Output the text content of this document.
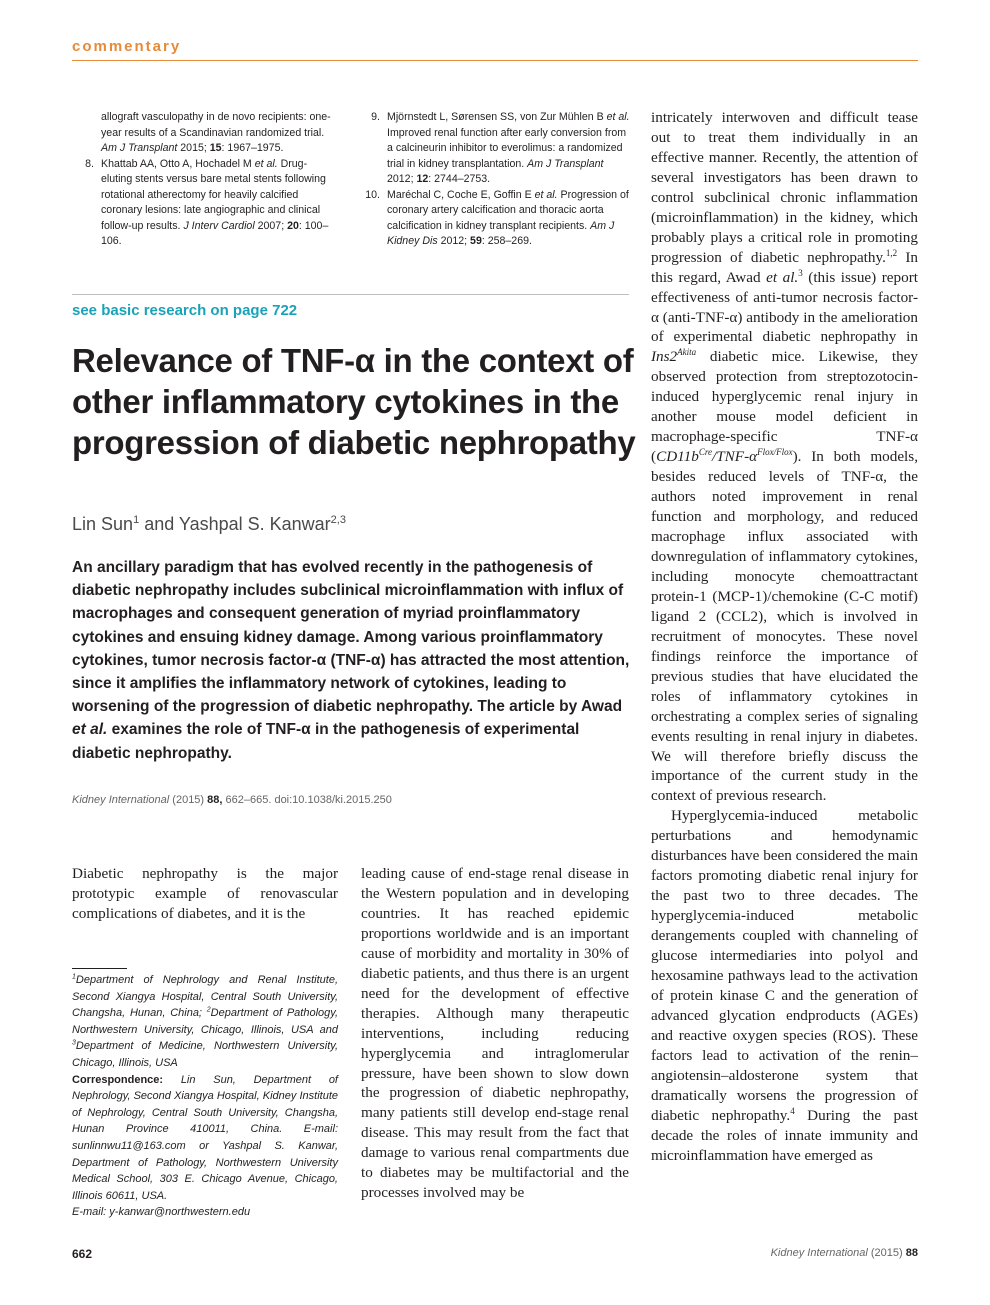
commentary
allograft vasculopathy in de novo recipients: one-year results of a Scandinavian randomized trial. Am J Transplant 2015; 15: 1967–1975.
8. Khattab AA, Otto A, Hochadel M et al. Drug-eluting stents versus bare metal stents following rotational atherectomy for heavily calcified coronary lesions: late angiographic and clinical follow-up results. J Interv Cardiol 2007; 20: 100–106.
9. Mjörnstedt L, Sørensen SS, von Zur Mühlen B et al. Improved renal function after early conversion from a calcineurin inhibitor to everolimus: a randomized trial in kidney transplantation. Am J Transplant 2012; 12: 2744–2753.
10. Maréchal C, Coche E, Goffin E et al. Progression of coronary artery calcification and thoracic aorta calcification in kidney transplant recipients. Am J Kidney Dis 2012; 59: 258–269.
see basic research on page 722
Relevance of TNF-α in the context of other inflammatory cytokines in the progression of diabetic nephropathy
Lin Sun$^1$ and Yashpal S. Kanwar$^{2,3}$
An ancillary paradigm that has evolved recently in the pathogenesis of diabetic nephropathy includes subclinical microinflammation with influx of macrophages and consequent generation of myriad proinflammatory cytokines and ensuing kidney damage. Among various proinflammatory cytokines, tumor necrosis factor-α (TNF-α) has attracted the most attention, since it amplifies the inflammatory network of cytokines, leading to worsening of the progression of diabetic nephropathy. The article by Awad et al. examines the role of TNF-α in the pathogenesis of experimental diabetic nephropathy.
Kidney International (2015) 88, 662–665. doi:10.1038/ki.2015.250

Diabetic nephropathy is the major prototypic example of renovascular complications of diabetes, and it is the

$^1$Department of Nephrology and Renal Institute, Second Xiangya Hospital, Central South University, Changsha, Hunan, China; $^2$Department of Pathology, Northwestern University, Chicago, Illinois, USA and $^3$Department of Medicine, Northwestern University, Chicago, Illinois, USA
Correspondence: Lin Sun, Department of Nephrology, Second Xiangya Hospital, Kidney Institute of Nephrology, Central South University, Changsha, Hunan Province 410011, China. E-mail: sunlinnwu11@163.com or Yashpal S. Kanwar, Department of Pathology, Northwestern University Medical School, 303 E. Chicago Avenue, Chicago, Illinois 60611, USA.
E-mail: y-kanwar@northwestern.edu

leading cause of end-stage renal disease in the Western population and in developing countries. It has reached epidemic proportions worldwide and is an important cause of morbidity and mortality in 30% of diabetic patients, and thus there is an urgent need for the development of effective therapies. Although many therapeutic interventions, including reducing hyperglycemia and intraglomerular pressure, have been shown to slow down the progression of diabetic nephropathy, many patients still develop end-stage renal disease. This may result from the fact that damage to various renal compartments due to diabetes may be multifactorial and the processes involved may be

intricately interwoven and difficult tease out to treat them individually in an effective manner. Recently, the attention of several investigators has been drawn to control subclinical chronic inflammation (microinflammation) in the kidney, which probably plays a critical role in promoting progression of diabetic nephropathy.$^{1,2}$ In this regard, Awad et al.$^3$ (this issue) report effectiveness of anti-tumor necrosis factor-α (anti-TNF-α) antibody in the amelioration of experimental diabetic nephropathy in $Ins2^{Akita}$ diabetic mice. Likewise, they observed protection from streptozotocin-induced hyperglycemic renal injury in another mouse model deficient in macrophage-specific TNF-α $(CD11b^{Cre}/TNF-\alpha^{Flox/Flox})$. In both models, besides reduced levels of TNF-α, the authors noted improvement in renal function and morphology, and reduced macrophage influx associated with downregulation of inflammatory cytokines, including monocyte chemoattractant protein-1 (MCP-1)/chemokine (C-C motif) ligand 2 (CCL2), which is involved in recruitment of monocytes. These novel findings reinforce the importance of previous studies that have elucidated the roles of inflammatory cytokines in orchestrating a complex series of signaling events resulting in renal injury in diabetes. We will therefore briefly discuss the importance of the current study in the context of previous research.

Hyperglycemia-induced metabolic perturbations and hemodynamic disturbances have been considered the main factors promoting diabetic renal injury for the past two to three decades. The hyperglycemia-induced metabolic derangements coupled with channeling of glucose intermediaries into polyol and hexosamine pathways lead to the activation of protein kinase C and the generation of advanced glycation endproducts (AGEs) and reactive oxygen species (ROS). These factors lead to activation of the renin–angiotensin–aldosterone system that dramatically worsens the progression of diabetic nephropathy.$^4$ During the past decade the roles of innate immunity and microinflammation have emerged as

662	Kidney International (2015) 88
